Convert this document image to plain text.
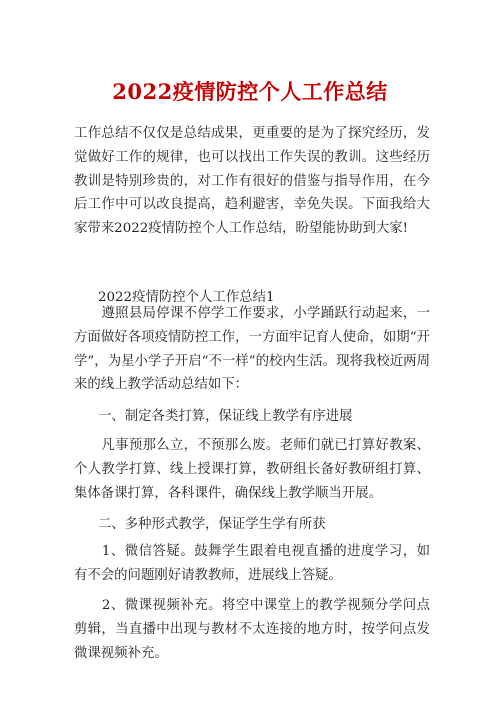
2022疫情防控个人工作总结

工作总结不仅仅是总结成果，更重要的是为了探究经历，发觉做好工作的规律，也可以找出工作失误的教训。这些经历教训是特别珍贵的，对工作有很好的借鉴与指导作用，在今后工作中可以改良提高，趋利避害，幸免失误。下面我给大家带来2022疫情防控个人工作总结，盼望能协助到大家!

2022疫情防控个人工作总结1

　　遵照县局停课不停学工作要求，小学踊跃行动起来，一方面做好各项疫情防控工作，一方面牢记育人使命，如期“开学”，为星小学子开启“不一样”的校内生活。现将我校近两周来的线上教学活动总结如下：

一、制定各类打算，保证线上教学有序进展

　　凡事预那么立，不预那么废。老师们就已打算好教案、个人教学打算、线上授课打算，教研组长备好教研组打算、集体备课打算，各科课件，确保线上教学顺当开展。

二、多种形式教学，保证学生学有所获

　　1、微信答疑。鼓舞学生跟着电视直播的进度学习，如有不会的问题刚好请教教师，进展线上答疑。

　　2、微课视频补充。将空中课堂上的教学视频分学问点剪辑，当直播中出现与教材不太连接的地方时，按学问点发微课视频补充。
